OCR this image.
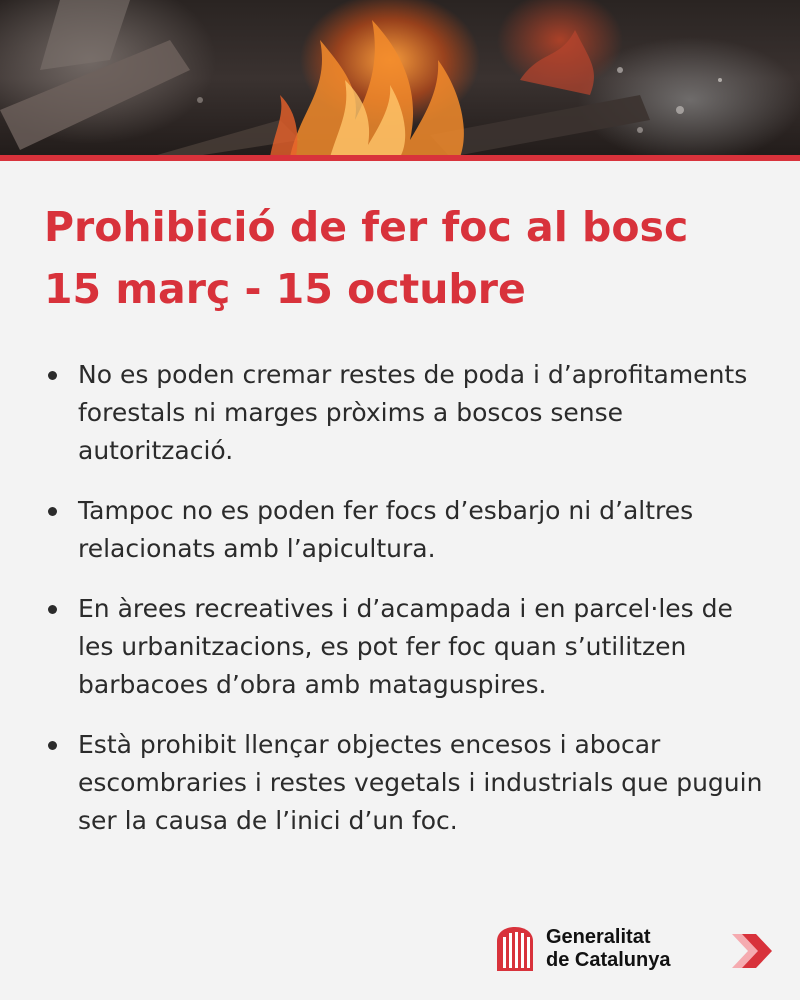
Prohibició de fer foc al bosc
15 març - 15 octubre
No es poden cremar restes de poda i d’aprofitaments forestals ni marges pròxims a boscos sense autorització.
Tampoc no es poden fer focs d’esbarjo ni d’altres relacionats amb l’apicultura.
En àrees recreatives i d’acampada i en parcel·les de les urbanitzacions, es pot fer foc quan s’utilitzen barbacoes d’obra amb mataguspires.
Està prohibit llençar objectes encesos i abocar escombraries i restes vegetals i industrials que puguin ser la causa de l’inici d’un foc.
Generalitat
de Catalunya
